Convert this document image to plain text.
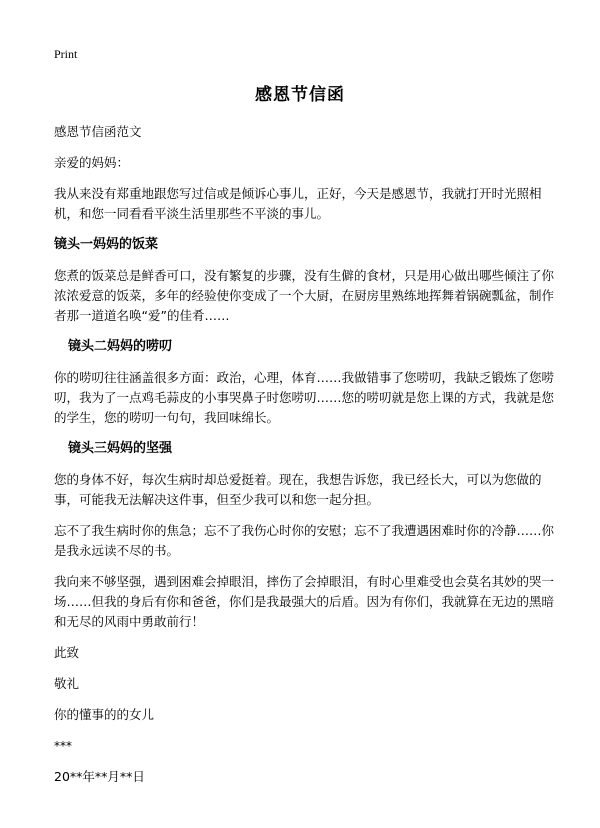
Print
感恩节信函

感恩节信函范文

亲爱的妈妈：

我从来没有郑重地跟您写过信或是倾诉心事儿，正好，今天是感恩节，我就打开时光照相机，和您一同看看平淡生活里那些不平淡的事儿。

镜头一妈妈的饭菜

您煮的饭菜总是鲜香可口，没有繁复的步骤，没有生僻的食材，只是用心做出哪些倾注了你浓浓爱意的饭菜，多年的经验使你变成了一个大厨，在厨房里熟练地挥舞着锅碗瓢盆，制作者那一道道名唤“爱”的佳肴……

镜头二妈妈的唠叨

你的唠叨往往涵盖很多方面：政治，心理，体育……我做错事了您唠叨，我缺乏锻炼了您唠叨，我为了一点鸡毛蒜皮的小事哭鼻子时您唠叨……您的唠叨就是您上课的方式，我就是您的学生，您的唠叨一句句，我回味绵长。

镜头三妈妈的坚强

您的身体不好，每次生病时却总爱挺着。现在，我想告诉您，我已经长大，可以为您做的事，可能我无法解决这件事，但至少我可以和您一起分担。

忘不了我生病时你的焦急；忘不了我伤心时你的安慰；忘不了我遭遇困难时你的冷静……你是我永远读不尽的书。

我向来不够坚强，遇到困难会掉眼泪，摔伤了会掉眼泪，有时心里难受也会莫名其妙的哭一场……但我的身后有你和爸爸，你们是我最强大的后盾。因为有你们，我就算在无边的黑暗和无尽的风雨中勇敢前行！

此致

敬礼

你的懂事的的女儿

***

20**年**月**日
